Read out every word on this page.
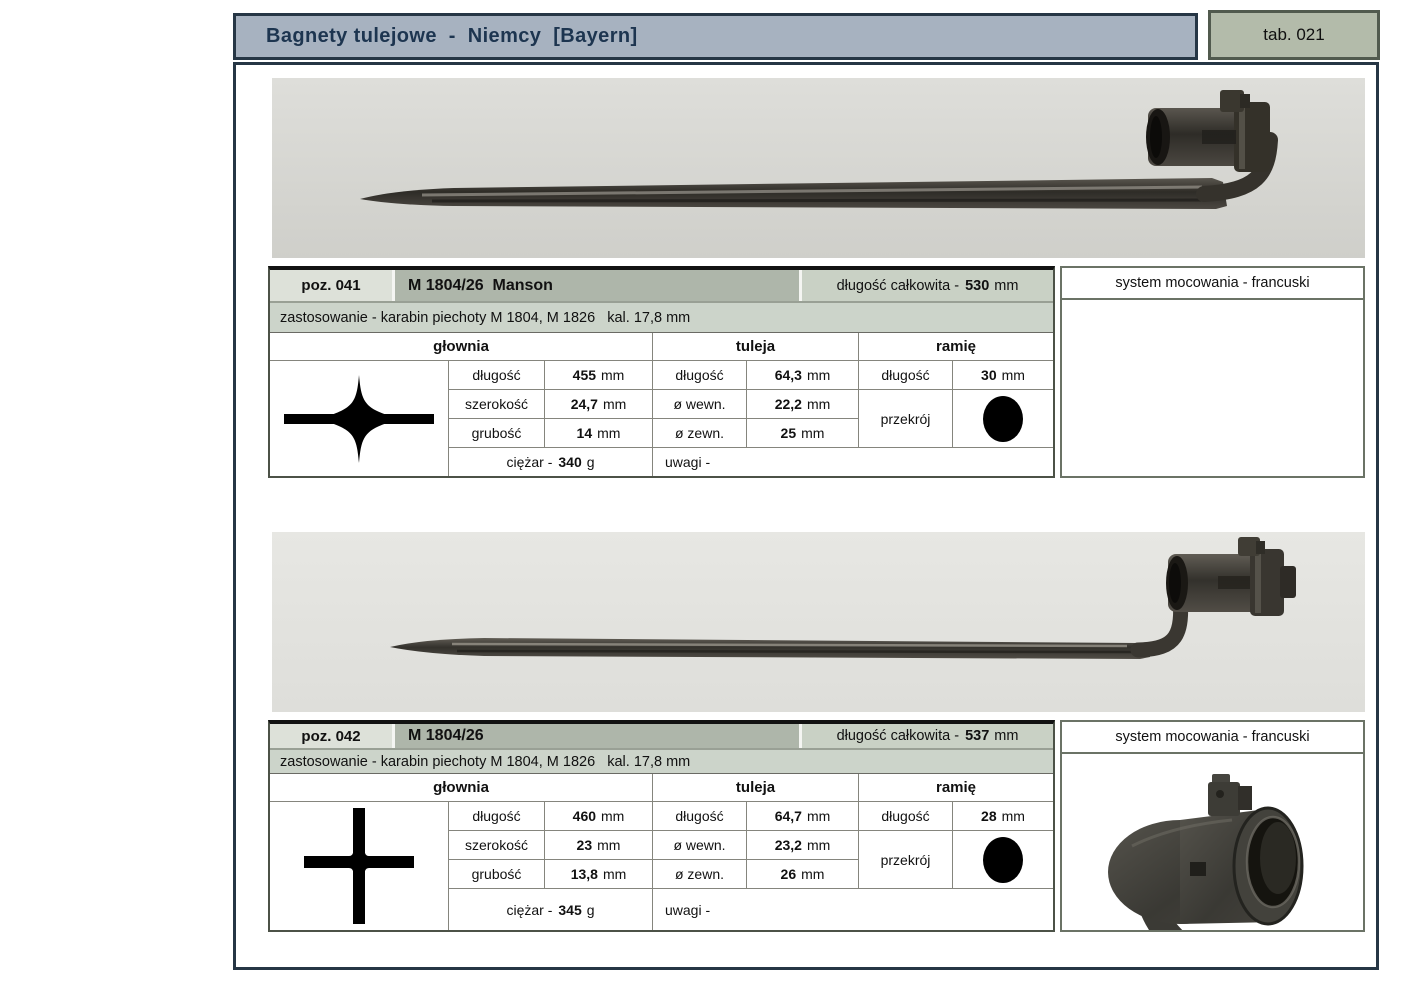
Bagnety tulejowe  -  Niemcy  [Bayern]	tab. 021
poz. 041	M 1804/26  Manson	długość całkowita - 530 mm
zastosowanie - karabin piechoty M 1804, M 1826   kal. 17,8 mm
głownia	tuleja	ramię
długość	455 mm	długość	64,3 mm	długość	30 mm
szerokość	24,7 mm	ø wewn.	22,2 mm
przekrój
grubość	14 mm	ø zewn.	25 mm
ciężar - 340 g	uwagi -
system mocowania - francuski
poz. 042	M 1804/26	długość całkowita - 537 mm
zastosowanie - karabin piechoty M 1804, M 1826   kal. 17,8 mm
głownia	tuleja	ramię
długość	460 mm	długość	64,7 mm	długość	28 mm
szerokość	23 mm	ø wewn.	23,2 mm
przekrój
grubość	13,8 mm	ø zewn.	26 mm
ciężar - 345 g	uwagi -
system mocowania - francuski
